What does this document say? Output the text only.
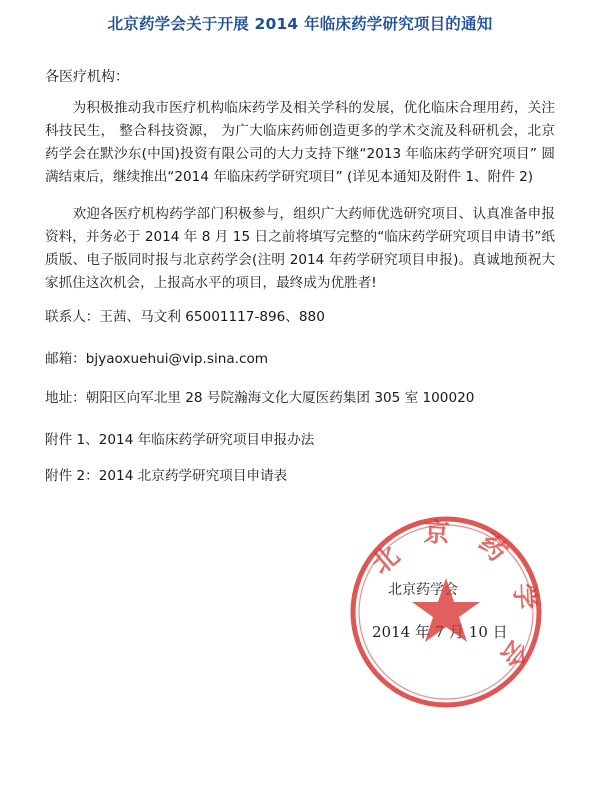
北京药学会关于开展 2014 年临床药学研究项目的通知
各医疗机构：

　　为积极推动我市医疗机构临床药学及相关学科的发展，优化临床合理用药，关注科技民生， 整合科技资源， 为广大临床药师创造更多的学术交流及科研机会，北京药学会在默沙东(中国)投资有限公司的大力支持下继“2013 年临床药学研究项目” 圆满结束后，继续推出“2014 年临床药学研究项目” (详见本通知及附件 1、附件 2)

　　欢迎各医疗机构药学部门积极参与，组织广大药师优选研究项目、认真准备申报资料，并务必于 2014 年 8 月 15 日之前将填写完整的“临床药学研究项目申请书”纸质版、电子版同时报与北京药学会(注明 2014 年药学研究项目申报)。真诚地预祝大家抓住这次机会，上报高水平的项目，最终成为优胜者!

联系人：王茜、马文利 65001117-896、880
邮箱：bjyaoxuehui@vip.sina.com
地址：朝阳区向军北里 28 号院瀚海文化大厦医药集团 305 室 100020
附件 1、2014 年临床药学研究项目申报办法
附件 2：2014 北京药学研究项目申请表
北京药学会
2014 年 7 月 10 日
北京药学会
